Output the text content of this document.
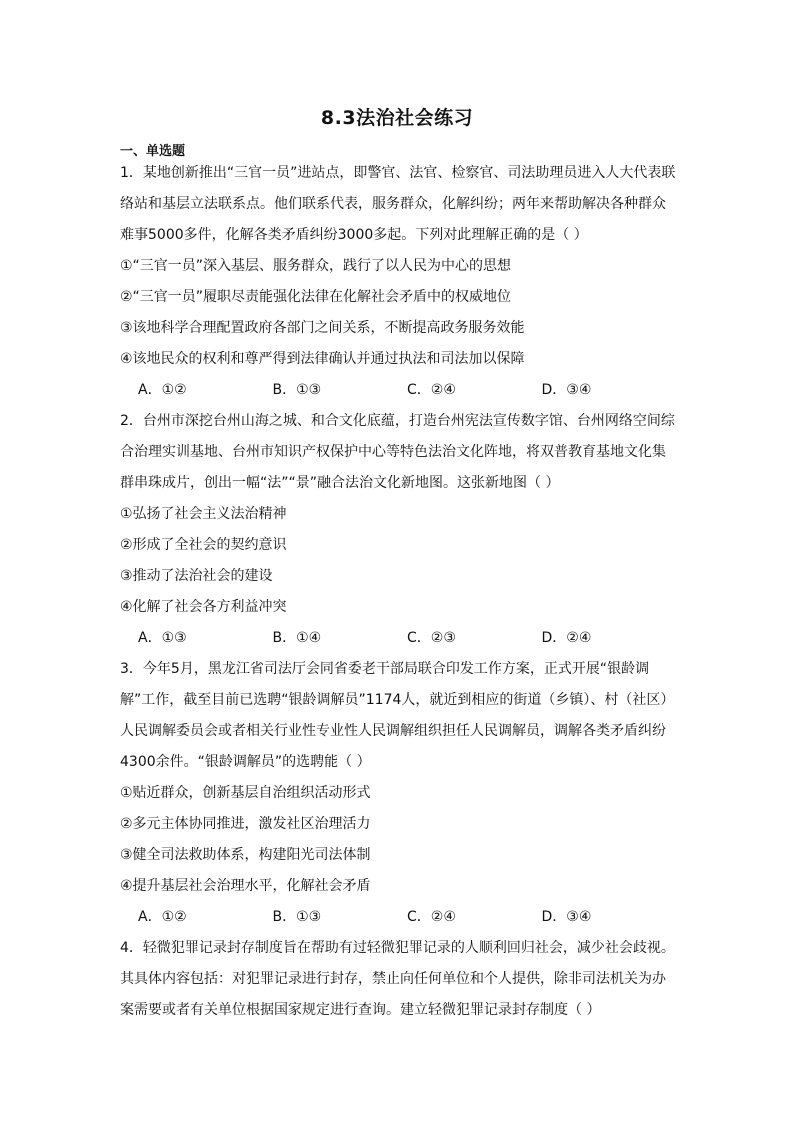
8.3法治社会练习
一、单选题

1．某地创新推出“三官一员”进站点，即警官、法官、检察官、司法助理员进入人大代表联络站和基层立法联系点。他们联系代表，服务群众，化解纠纷；两年来帮助解决各种群众难事5000多件，化解各类矛盾纠纷3000多起。下列对此理解正确的是（ ）

①“三官一员”深入基层、服务群众，践行了以人民为中心的思想

②“三官一员”履职尽责能强化法律在化解社会矛盾中的权威地位

③该地科学合理配置政府各部门之间关系，不断提高政务服务效能

④该地民众的权利和尊严得到法律确认并通过执法和司法加以保障

A．①②	B．①③	C．②④	D．③④

2．台州市深挖台州山海之城、和合文化底蕴，打造台州宪法宣传数字馆、台州网络空间综合治理实训基地、台州市知识产权保护中心等特色法治文化阵地，将双普教育基地文化集群串珠成片，创出一幅“法”“景”融合法治文化新地图。这张新地图（ ）

①弘扬了社会主义法治精神

②形成了全社会的契约意识

③推动了法治社会的建设

④化解了社会各方利益冲突

A．①③	B．①④	C．②③	D．②④

3．今年5月，黑龙江省司法厅会同省委老干部局联合印发工作方案，正式开展“银龄调解”工作，截至目前已选聘“银龄调解员”1174人，就近到相应的街道（乡镇）、村（社区）人民调解委员会或者相关行业性专业性人民调解组织担任人民调解员，调解各类矛盾纠纷4300余件。“银龄调解员”的选聘能（ ）

①贴近群众，创新基层自治组织活动形式

②多元主体协同推进，激发社区治理活力

③健全司法救助体系，构建阳光司法体制

④提升基层社会治理水平，化解社会矛盾

A．①②	B．①③	C．②④	D．③④

4．轻微犯罪记录封存制度旨在帮助有过轻微犯罪记录的人顺利回归社会，减少社会歧视。其具体内容包括：对犯罪记录进行封存，禁止向任何单位和个人提供，除非司法机关为办案需要或者有关单位根据国家规定进行查询。建立轻微犯罪记录封存制度（ ）
